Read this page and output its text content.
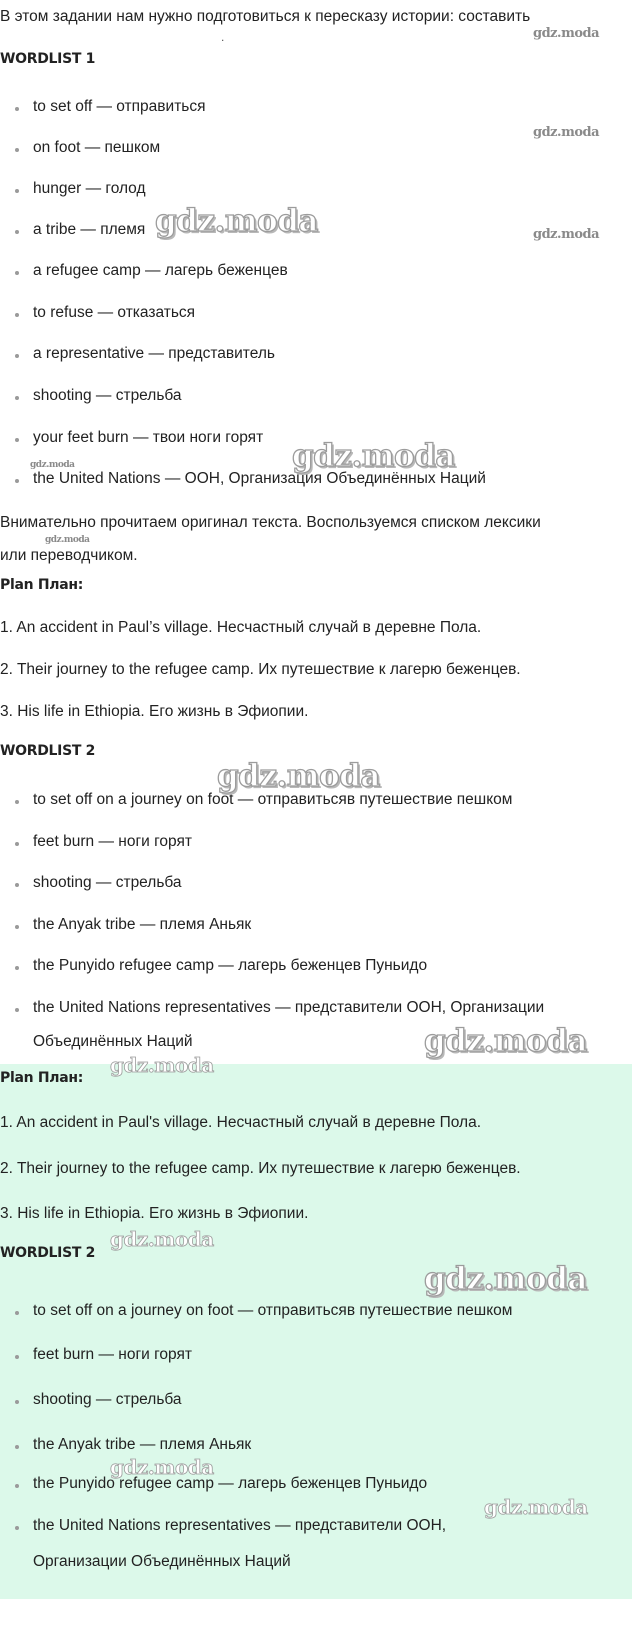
В этом задании нам нужно подготовиться к пересказу истории: составить
.
WORDLIST 1
to set off — отправиться
on foot — пешком
hunger — голод
a tribe — племя
a refugee camp — лагерь беженцев
to refuse — отказаться
a representative — представитель
shooting — стрельба
your feet burn — твои ноги горят
the United Nations — ООН, Организация Объединённых Наций
Внимательно прочитаем оригинал текста. Воспользуемся списком лексики
или переводчиком.
Plan План:
1. An accident in Paul’s village. Несчастный случай в деревне Пола.
2. Their journey to the refugee camp. Их путешествие к лагерю беженцев.
3. His life in Ethiopia. Его жизнь в Эфиопии.
WORDLIST 2
to set off on a journey on foot — отправитьсяв путешествие пешком
feet burn — ноги горят
shooting — стрельба
the Anyak tribe — племя Аньяк
the Punyido refugee camp — лагерь беженцев Пуньидо
the United Nations representatives — представители ООН, Организации
Объединённых Наций
Plan План:
1. An accident in Paul's village. Несчастный случай в деревне Пола.
2. Their journey to the refugee camp. Их путешествие к лагерю беженцев.
3. His life in Ethiopia. Его жизнь в Эфиопии.
WORDLIST 2
to set off on a journey on foot — отправитьсяв путешествие пешком
feet burn — ноги горят
shooting — стрельба
the Anyak tribe — племя Аньяк
the Punyido refugee camp — лагерь беженцев Пуньидо
the United Nations representatives — представители ООН,
Организации Объединённых Наций
gdz.moda
gdz.moda
gdz.moda	gdz.moda
gdz.moda
gdz.moda
gdz.moda
gdz.moda
gdz.moda
gdz.moda
gdz.moda
gdz.moda
gdz.moda
gdz.moda
